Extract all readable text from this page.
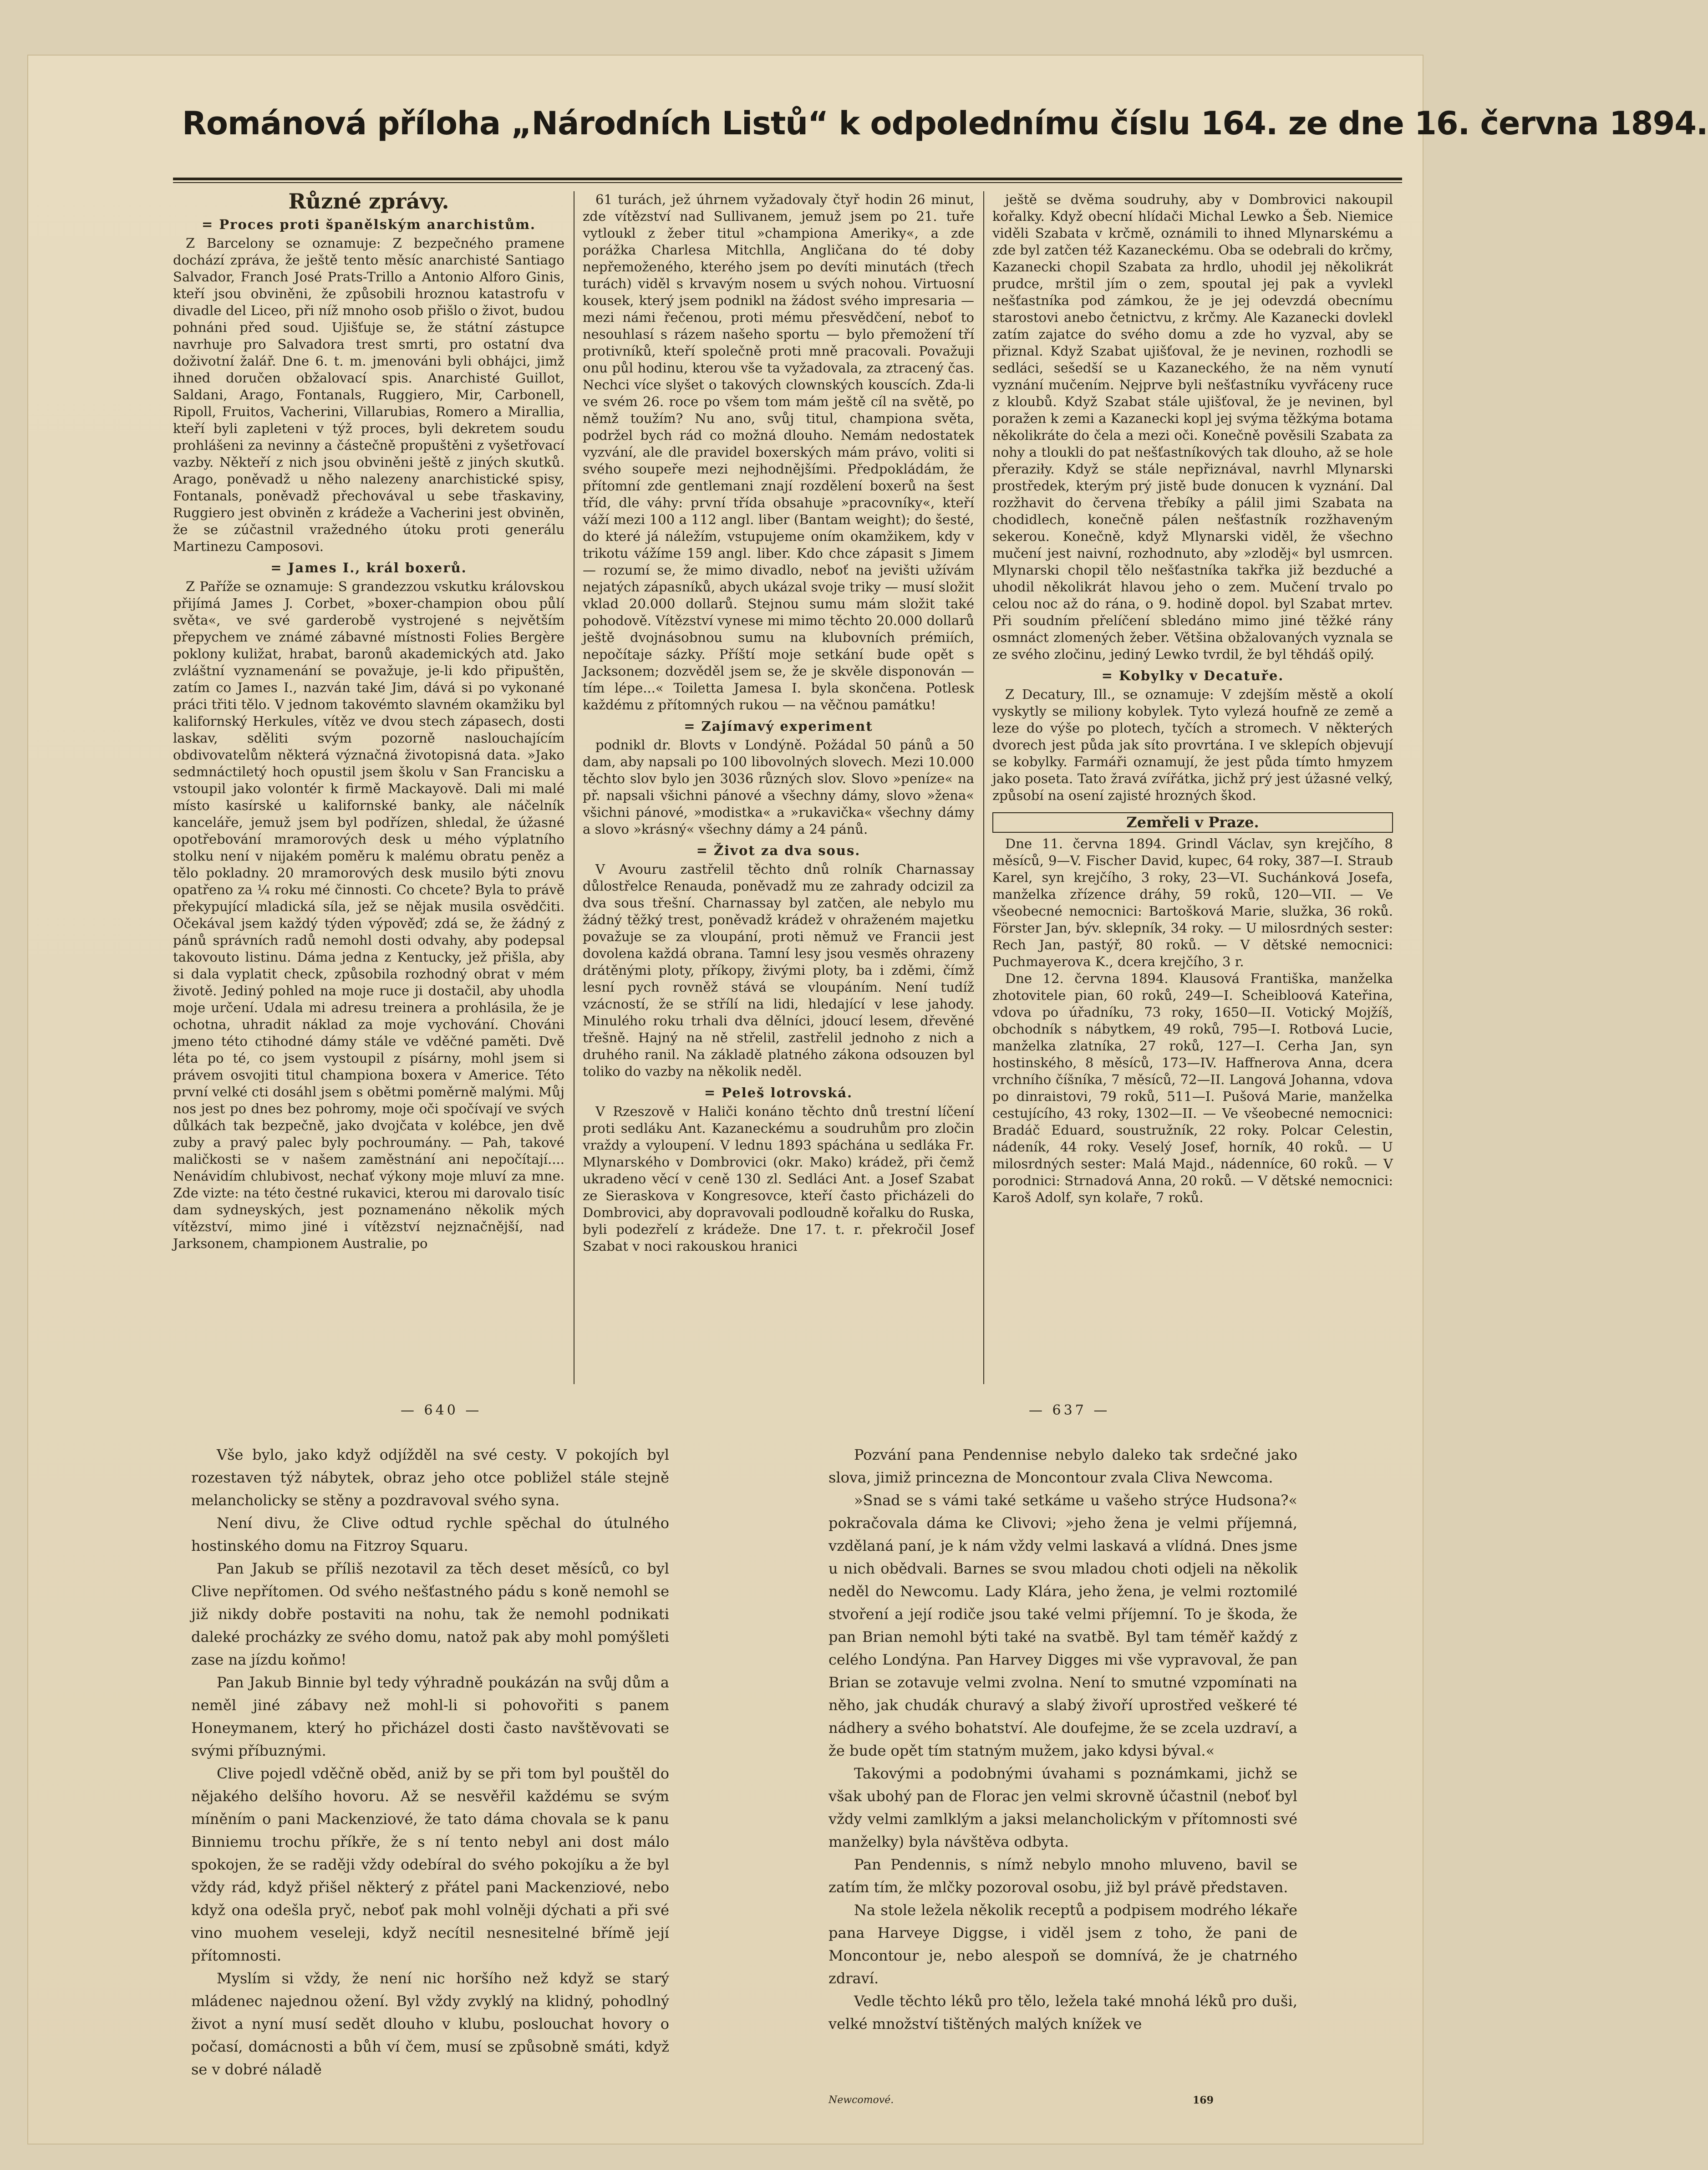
Románová příloha „Národních Listů“ k odpolednímu číslu 164. ze dne 16. června 1894.
Různé zprávy.
= Proces proti španělským anarchistům.

Z Barcelony se oznamuje: Z bezpečného pramene dochází zpráva, že ještě tento měsíc anarchisté Santiago Salvador, Franch José Prats-Trillo a Antonio Alforo Ginis, kteří jsou obviněni, že způsobili hroznou katastrofu v divadle del Liceo, při níž mnoho osob přišlo o život, budou pohnáni před soud. Ujišťuje se, že státní zástupce navrhuje pro Salvadora trest smrti, pro ostatní dva doživotní žalář. Dne 6. t. m. jmenováni byli obhájci, jimž ihned doručen obžalovací spis. Anarchisté Guillot, Saldani, Arago, Fontanals, Ruggiero, Mir, Carbonell, Ripoll, Fruitos, Vacherini, Villarubias, Romero a Mirallia, kteří byli zapleteni v týž proces, byli dekretem soudu prohlášeni za nevinny a částečně propuštěni z vyšetřovací vazby. Někteří z nich jsou obviněni ještě z jiných skutků. Arago, poněvadž u něho nalezeny anarchistické spisy, Fontanals, poněvadž přechovával u sebe třaskaviny, Ruggiero jest obviněn z krádeže a Vacherini jest obviněn, že se zúčastnil vražedného útoku proti generálu Martinezu Camposovi.

= James I., král boxerů.

Z Paříže se oznamuje: S grandezzou vskutku královskou přijímá James J. Corbet, »boxer-champion obou půlí světa«, ve své garderobě vystrojené s největším přepychem ve známé zábavné místnosti Folies Bergère poklony kuližat, hrabat, baronů akademických atd. Jako zvláštní vyznamenání se považuje, je-li kdo připuštěn, zatím co James I., nazván také Jim, dává si po vykonané práci třiti tělo. V jednom takovémto slavném okamžiku byl kalifornský Herkules, vítěz ve dvou stech zápasech, dosti laskav, sděliti svým pozorně naslouchajícím obdivovatelům některá význačná životopisná data. »Jako sedmnáctiletý hoch opustil jsem školu v San Francisku a vstoupil jako volontér k firmě Mackayově. Dali mi malé místo kasírské u kalifornské banky, ale náčelník kanceláře, jemuž jsem byl podřízen, shledal, že úžasné opotřebování mramorových desk u mého výplatního stolku není v nijakém poměru k malému obratu peněz a tělo pokladny. 20 mramorových desk musilo býti znovu opatřeno za ¼ roku mé činnosti. Co chcete? Byla to právě překypující mladická síla, jež se nějak musila osvědčiti. Očekával jsem každý týden výpověď; zdá se, že žádný z pánů správních radů nemohl dosti odvahy, aby podepsal takovouto listinu. Dáma jedna z Kentucky, jež přišla, aby si dala vyplatit check, způsobila rozhodný obrat v mém životě. Jediný pohled na moje ruce ji dostačil, aby uhodla moje určení. Udala mi adresu treinera a prohlásila, že je ochotna, uhradit náklad za moje vychování. Chováni jmeno této ctihodné dámy stále ve vděčné paměti. Dvě léta po té, co jsem vystoupil z písárny, mohl jsem si právem osvojiti titul championa boxera v Americe. Této první velké cti dosáhl jsem s obětmi poměrně malými. Můj nos jest po dnes bez pohromy, moje oči spočívají ve svých důlkách tak bezpečně, jako dvojčata v kolébce, jen dvě zuby a pravý palec byly pochroumány. — Pah, takové maličkosti se v našem zaměstnání ani nepočítají.... Nenávidím chlubivost, nechať výkony moje mluví za mne. Zde vizte: na této čestné rukavici, kterou mi darovalo tisíc dam sydneyských, jest poznamenáno několik mých vítězství, mimo jiné i vítězství nejznačnější, nad Jarksonem, championem Australie, po

61 turách, jež úhrnem vyžadovaly čtyř hodin 26 minut, zde vítězství nad Sullivanem, jemuž jsem po 21. tuře vytloukl z žeber titul »championa Ameriky«, a zde porážka Charlesa Mitchlla, Angličana do té doby nepřemoženého, kterého jsem po devíti minutách (třech turách) viděl s krvavým nosem u svých nohou. Virtuosní kousek, který jsem podnikl na žádost svého impresaria — mezi námi řečenou, proti mému přesvědčení, neboť to nesouhlasí s rázem našeho sportu — bylo přemožení tří protivníků, kteří společně proti mně pracovali. Považuji onu půl hodinu, kterou vše ta vyžadovala, za ztracený čas. Nechci více slyšet o takových clownských kouscích. Zda-li ve svém 26. roce po všem tom mám ještě cíl na světě, po němž toužím? Nu ano, svůj titul, championa světa, podržel bych rád co možná dlouho. Nemám nedostatek vyzvání, ale dle pravidel boxerských mám právo, voliti si svého soupeře mezi nejhodnějšími. Předpokládám, že přítomní zde gentlemani znají rozdělení boxerů na šest tříd, dle váhy: první třída obsahuje »pracovníky«, kteří váží mezi 100 a 112 angl. liber (Bantam weight); do šesté, do které já náležím, vstupujeme oním okamžikem, kdy v trikotu vážíme 159 angl. liber. Kdo chce zápasit s Jimem — rozumí se, že mimo divadlo, neboť na jevišti užívám nejatých zápasníků, abych ukázal svoje triky — musí složit vklad 20.000 dollarů. Stejnou sumu mám složit také pohodově. Vítězství vynese mi mimo těchto 20.000 dollarů ještě dvojnásobnou sumu na klubovních prémiích, nepočítaje sázky. Příští moje setkání bude opět s Jacksonem; dozvěděl jsem se, že je skvěle disponován — tím lépe...« Toiletta Jamesa I. byla skončena. Potlesk každému z přítomných rukou — na věčnou památku!

= Zajímavý experiment

podnikl dr. Blovts v Londýně. Požádal 50 pánů a 50 dam, aby napsali po 100 libovolných slovech. Mezi 10.000 těchto slov bylo jen 3036 různých slov. Slovo »peníze« na př. napsali všichni pánové a všechny dámy, slovo »žena« všichni pánové, »modistka« a »rukavička« všechny dámy a slovo »krásný« všechny dámy a 24 pánů.

= Život za dva sous.

V Avouru zastřelil těchto dnů rolník Charnassay důlostřelce Renauda, poněvadž mu ze zahrady odcizil za dva sous třešní. Charnassay byl zatčen, ale nebylo mu žádný těžký trest, poněvadž krádež v ohraženém majetku považuje se za vloupání, proti němuž ve Francii jest dovolena každá obrana. Tamní lesy jsou vesměs ohrazeny drátěnými ploty, příkopy, živými ploty, ba i zděmi, čímž lesní pych rovněž stává se vloupáním. Není tudíž vzácností, že se střílí na lidi, hledající v lese jahody. Minulého roku trhali dva dělníci, jdoucí lesem, dřevěné třešně. Hajný na ně střelil, zastřelil jednoho z nich a druhého ranil. Na základě platného zákona odsouzen byl toliko do vazby na několik neděl.

= Peleš lotrovská.

V Rzeszově v Haliči konáno těchto dnů trestní líčení proti sedláku Ant. Kazaneckému a soudruhům pro zločin vraždy a vyloupení. V lednu 1893 spáchána u sedláka Fr. Mlynarského v Dombrovici (okr. Mako) krádež, při čemž ukradeno věcí v ceně 130 zl. Sedláci Ant. a Josef Szabat ze Sieraskova v Kongresovce, kteří často přicházeli do Dombrovici, aby dopravovali podloudně kořalku do Ruska, byli podezřelí z krádeže. Dne 17. t. r. překročil Josef Szabat v noci rakouskou hranici

ještě se dvěma soudruhy, aby v Dombrovici nakoupil kořalky. Když obecní hlídači Michal Lewko a Šeb. Niemice viděli Szabata v krčmě, oznámili to ihned Mlynarskému a zde byl zatčen též Kazaneckému. Oba se odebrali do krčmy, Kazanecki chopil Szabata za hrdlo, uhodil jej několikrát prudce, mrštil jím o zem, spoutal jej pak a vyvlekl nešťastníka pod zámkou, že je jej odevzdá obecnímu starostovi anebo četnictvu, z krčmy. Ale Kazanecki dovlekl zatím zajatce do svého domu a zde ho vyzval, aby se přiznal. Když Szabat ujišťoval, že je nevinen, rozhodli se sedláci, sešedší se u Kazaneckého, že na něm vynutí vyznání mučením. Nejprve byli nešťastníku vyvřáceny ruce z kloubů. Když Szabat stále ujišťoval, že je nevinen, byl poražen k zemi a Kazanecki kopl jej svýma těžkýma botama několikráte do čela a mezi oči. Konečně pověsili Szabata za nohy a tloukli do pat nešťastníkových tak dlouho, až se hole přeraziły. Když se stále nepřiznával, navrhl Mlynarski prostředek, kterým prý jistě bude donucen k vyznání. Dal rozžhavit do červena třebíky a pálil jimi Szabata na chodidlech, konečně pálen nešťastník rozžhaveným sekerou. Konečně, když Mlynarski viděl, že všechno mučení jest naivní, rozhodnuto, aby »zloděj« byl usmrcen. Mlynarski chopil tělo nešťastníka takřka již bezduché a uhodil několikrát hlavou jeho o zem. Mučení trvalo po celou noc až do rána, o 9. hodině dopol. byl Szabat mrtev. Při soudním přelíčení sbledáno mimo jiné těžké rány osmnáct zlomených žeber. Většina obžalovaných vyznala se ze svého zločinu, jediný Lewko tvrdil, že byl těhdáš opilý.

= Kobylky v Decatuře.

Z Decatury, Ill., se oznamuje: V zdejším městě a okolí vyskytly se miliony kobylek. Tyto vylezá houfně ze země a leze do výše po plotech, tyčích a stromech. V některých dvorech jest půda jak síto provrtána. I ve sklepích objevují se kobylky. Farmáři oznamují, že jest půda tímto hmyzem jako poseta. Tato žravá zvířátka, jichž prý jest úžasné velký, způsobí na osení zajisté hrozných škod.

Zemřeli v Praze.

Dne 11. června 1894. Grindl Václav, syn krejčího, 8 měsíců, 9—V. Fischer David, kupec, 64 roky, 387—I. Straub Karel, syn krejčího, 3 roky, 23—VI. Suchánková Josefa, manželka zřízence dráhy, 59 roků, 120—VII. — Ve všeobecné nemocnici: Bartošková Marie, služka, 36 roků. Förster Jan, býv. sklepník, 34 roky. — U milosrdných sester: Rech Jan, pastýř, 80 roků. — V dětské nemocnici: Puchmayerova K., dcera krejčího, 3 r.

Dne 12. června 1894. Klausová Františka, manželka zhotovitele pian, 60 roků, 249—I. Scheibloová Kateřina, vdova po úřadníku, 73 roky, 1650—II. Votický Mojžíš, obchodník s nábytkem, 49 roků, 795—I. Rotbová Lucie, manželka zlatníka, 27 roků, 127—I. Cerha Jan, syn hostinského, 8 měsíců, 173—IV. Haffnerova Anna, dcera vrchního číšníka, 7 měsíců, 72—II. Langová Johanna, vdova po dinraistovi, 79 roků, 511—I. Pušová Marie, manželka cestujícího, 43 roky, 1302—II. — Ve všeobecné nemocnici: Bradáč Eduard, soustružník, 22 roky. Polcar Celestin, nádeník, 44 roky. Veselý Josef, horník, 40 roků. — U milosrdných sester: Malá Majd., nádenníce, 60 roků. — V porodnici: Strnadová Anna, 20 roků. — V dětské nemocnici: Karoš Adolf, syn kolaře, 7 roků.

— 640 —	— 637 —

Vše bylo, jako když odjížděl na své cesty. V pokojích byl rozestaven týž nábytek, obraz jeho otce pobližel stále stejně melancholicky se stěny a pozdravoval svého syna.

Není divu, že Clive odtud rychle spěchal do útulného hostinského domu na Fitzroy Squaru.

Pan Jakub se příliš nezotavil za těch deset měsíců, co byl Clive nepřítomen. Od svého nešťastného pádu s koně nemohl se již nikdy dobře postaviti na nohu, tak že nemohl podnikati daleké procházky ze svého domu, natož pak aby mohl pomýšleti zase na jízdu koňmo!

Pan Jakub Binnie byl tedy výhradně poukázán na svůj dům a neměl jiné zábavy než mohl-li si pohovořiti s panem Honeymanem, který ho přicházel dosti často navštěvovati se svými příbuznými.

Clive pojedl vděčně oběd, aniž by se při tom byl pouštěl do nějakého delšího hovoru. Až se nesvěřil každému se svým míněním o pani Mackenziové, že tato dáma chovala se k panu Binniemu trochu příkře, že s ní tento nebyl ani dost málo spokojen, že se raději vždy odebíral do svého pokojíku a že byl vždy rád, když přišel některý z přátel pani Mackenziové, nebo když ona odešla pryč, neboť pak mohl volněji dýchati a při své vino muohem veseleji, když necítil nesnesitelné břímě její přítomnosti.

Myslím si vždy, že není nic horšího než když se starý mládenec najednou ožení. Byl vždy zvyklý na klidný, pohodlný život a nyní musí sedět dlouho v klubu, poslouchat hovory o počasí, domácnosti a bůh ví čem, musí se způsobně smáti, když se v dobré náladě

Pozvání pana Pendennise nebylo daleko tak srdečné jako slova, jimiž princezna de Moncontour zvala Cliva Newcoma.

»Snad se s vámi také setkáme u vašeho strýce Hudsona?« pokračovala dáma ke Clivovi; »jeho žena je velmi příjemná, vzdělaná paní, je k nám vždy velmi laskavá a vlídná. Dnes jsme u nich obědvali. Barnes se svou mladou choti odjeli na několik neděl do Newcomu. Lady Klára, jeho žena, je velmi roztomilé stvoření a její rodiče jsou také velmi příjemní. To je škoda, že pan Brian nemohl býti také na svatbě. Byl tam téměř každý z celého Londýna. Pan Harvey Digges mi vše vypravoval, že pan Brian se zotavuje velmi zvolna. Není to smutné vzpomínati na něho, jak chudák churavý a slabý živoří uprostřed veškeré té nádhery a svého bohatství. Ale doufejme, že se zcela uzdraví, a že bude opět tím statným mužem, jako kdysi býval.«

Takovými a podobnými úvahami s poznámkami, jichž se však ubohý pan de Florac jen velmi skrovně účastnil (neboť byl vždy velmi zamlklým a jaksi melancholickým v přítomnosti své manželky) byla návštěva odbyta.

Pan Pendennis, s nímž nebylo mnoho mluveno, bavil se zatím tím, že mlčky pozoroval osobu, již byl právě představen.

Na stole ležela několik receptů a podpisem modrého lékaře pana Harveye Diggse, i viděl jsem z toho, že pani de Moncontour je, nebo alespoň se domnívá, že je chatrného zdraví.

Vedle těchto léků pro tělo, ležela také mnohá léků pro duši, velké množství tištěných malých knížek ve

Newcomové.	169
